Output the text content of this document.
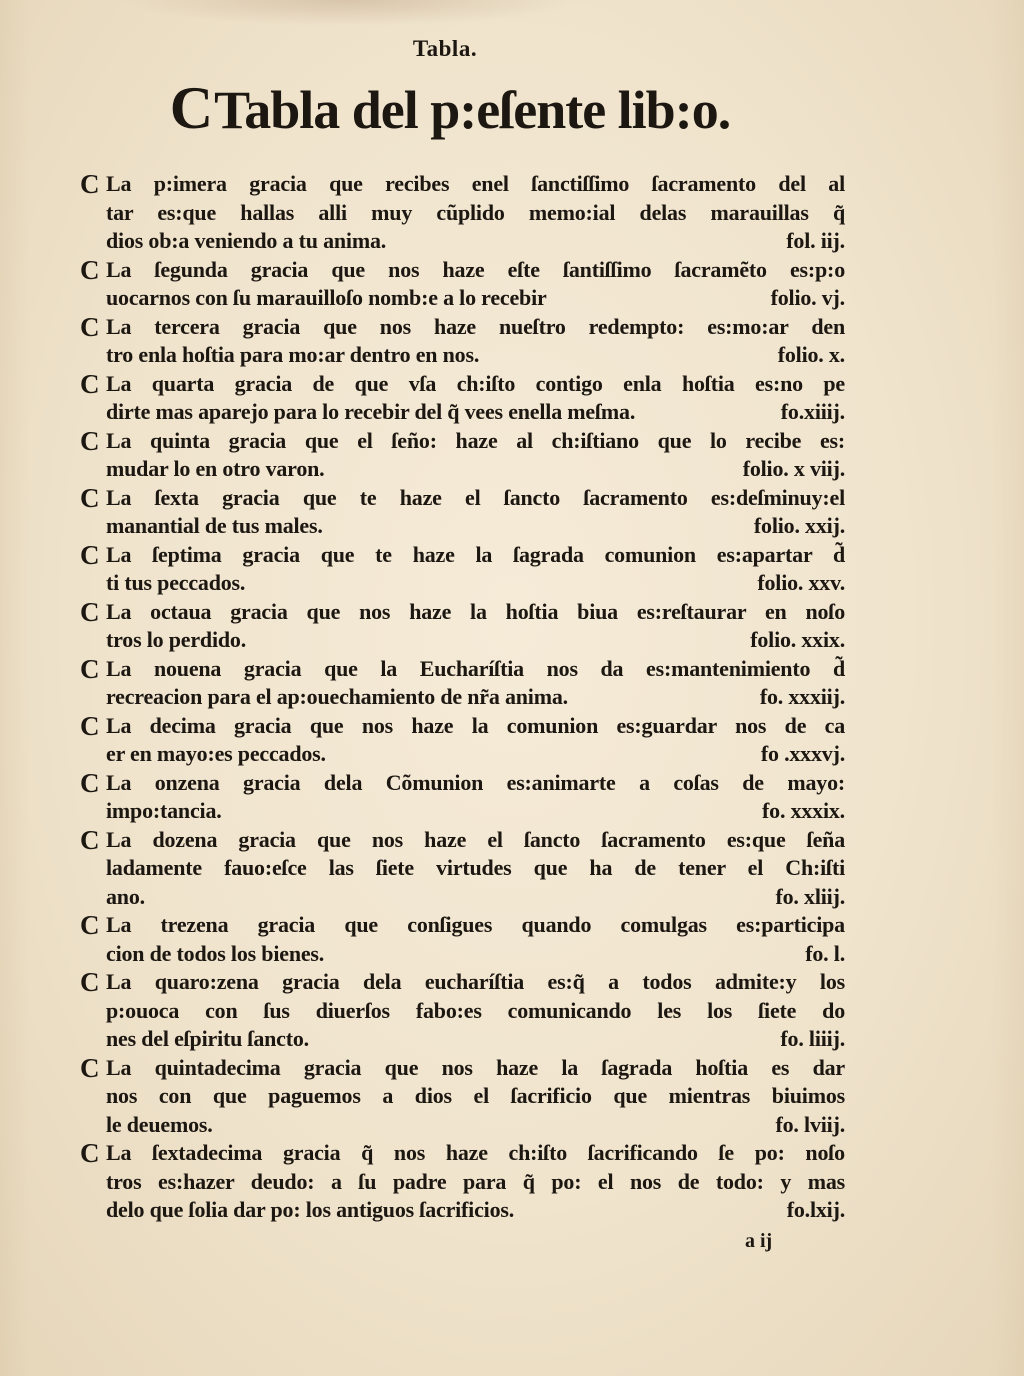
Tabla.
CTabla del p:eſente lib:o.
C La p:imera gracia que recibes enel ſanctiſſimo ſacramento del al
tar es:que hallas alli muy cũplido memo:ial delas marauillas q̃
dios ob:a veniendo a tu anima.	fol. iij.
C La ſegunda gracia que nos haze eſte ſantiſſimo ſacramẽto es:p:o
uocarnos con ſu marauilloſo nomb:e a lo recebir	folio. vj.
C La tercera gracia que nos haze nueſtro redempto: es:mo:ar den
tro enla hoſtia para mo:ar dentro en nos.	folio. x.
C La quarta gracia de que vſa ch:iſto contigo enla hoſtia es:no pe
dirte mas aparejo para lo recebir del q̃ vees enella meſma.	fo.xiiij.
C La quinta gracia que el ſeño: haze al ch:iſtiano que lo recibe es:
mudar lo en otro varon.	folio. x viij.
C La ſexta gracia que te haze el ſancto ſacramento es:deſminuy:el
manantial de tus males.	folio. xxij.
C La ſeptima gracia que te haze la ſagrada comunion es:apartar d̃
ti tus peccados.	folio. xxv.
C La octaua gracia que nos haze la hoſtia biua es:reſtaurar en noſo
tros lo perdido.	folio. xxix.
C La nouena gracia que la Eucharíſtia nos da es:mantenimiento d̃
recreacion para el ap:ouechamiento de nr̃a anima.	fo. xxxiij.
C La decima gracia que nos haze la comunion es:guardar nos de ca
er en mayo:es peccados.	fo .xxxvj.
C La onzena gracia dela Cõmunion es:animarte a coſas de mayo:
impo:tancia.	fo. xxxix.
C La dozena gracia que nos haze el ſancto ſacramento es:que ſeña
ladamente fauo:eſce las ſiete virtudes que ha de tener el Ch:iſti
ano.	fo. xliij.
C La trezena gracia que conſigues quando comulgas es:participa
cion de todos los bienes.	fo. l.
C La quaro:zena gracia dela eucharíſtia es:q̃ a todos admite:y los
p:ouoca con ſus diuerſos fabo:es comunicando les los ſiete do
nes del eſpiritu ſancto.	fo. liiij.
C La quintadecima gracia que nos haze la ſagrada hoſtia es dar
nos con que paguemos a dios el ſacrificio que mientras biuimos
le deuemos.	fo. lviij.
C La ſextadecima gracia q̃ nos haze ch:iſto ſacrificando ſe po: noſo
tros es:hazer deudo: a ſu padre para q̃ po: el nos de todo: y mas
delo que ſolia dar po: los antiguos ſacrificios.	fo.lxij.
a ij
